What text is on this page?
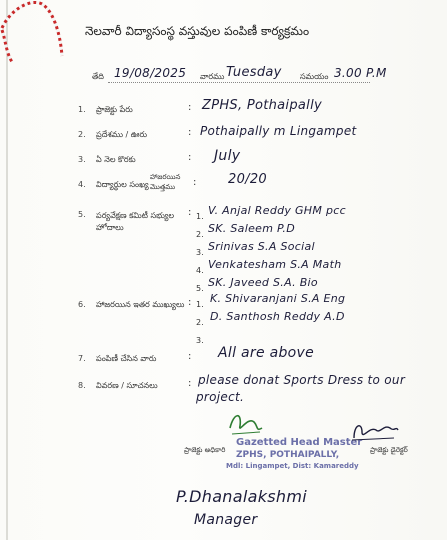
నెలవారీ విద్యాసంస్థ వస్తువుల పంపిణీ కార్యక్రమం
తేది 19/08/2025 వారము Tuesday సమయం 3.00 P.M
1. ప్రాజెక్టు పేరు	: ZPHS, Pothaipally
2. ప్రదేశము / ఊరు	: Pothaipally m Lingampet
3. ఏ నెల కొరకు	: July
4. విద్యార్థుల సంఖ్య
హాజరయిన మొత్తము	: 20/20
5. పర్యవేక్షణ కమిటీ సభ్యుల హోదాలు
: 1. V. Anjal Reddy GHM pcc
2. SK. Saleem P.D
3. Srinivas S.A Social
4. Venkatesham S.A Math
5. SK. Javeed S.A. Bio
6. హాజరయిన ఇతర ముఖ్యులు : 1. K. Shivaranjani S.A Eng
2. D. Santhosh Reddy A.D
3.
7. పంపిణీ చేసిన వారు	: All are above
8. వివరణ / సూచనలు	: please donat Sports Dress to our
project.
ప్రాజెక్టు అధికారి
Gazetted Head Master
ZPHS, POTHAIPALLY,
Mdl: Lingampet, Dist: Kamareddy
ప్రాజెక్టు డైరెక్టర్
P.Dhanalakshmi
Manager
